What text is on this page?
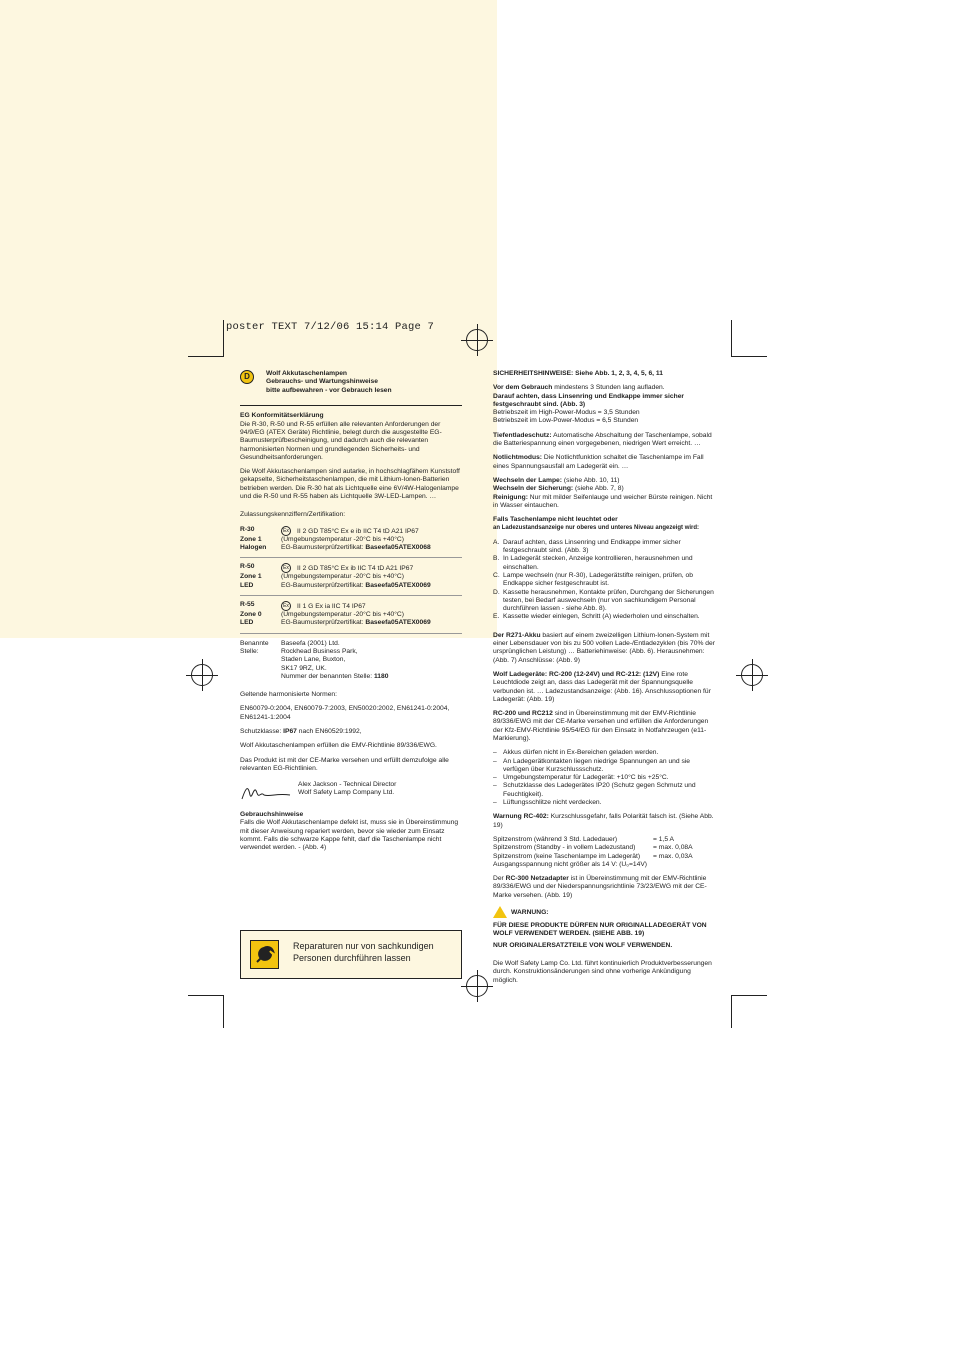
poster TEXT 7/12/06 15:14 Page 7
D	Wolf Akkutaschenlampen
Gebrauchs- und Wartungshinweise
bitte aufbewahren - vor Gebrauch lesen
EG Konformitätserklärung

Die R-30, R-50 und R-55 erfüllen alle relevanten Anforderungen der 94/9/EG (ATEX Geräte) Richtlinie, belegt durch die ausgestellte EG-Baumusterprüfbescheinigung, und dadurch auch die relevanten harmonisierten Normen und grundlegenden Sicherheits- und Gesundheitsanforderungen.

Die Wolf Akkutaschenlampen sind autarke, in hochschlagfähem Kunststoff gekapselte, Sicherheitstaschenlampen, die mit Lithium-Ionen-Batterien betrieben werden. Die R-30 hat als Lichtquelle eine 6V/4W-Halogenlampe und die R-50 und R-55 haben als Lichtquelle 3W-LED-Lampen. …

Zulassungskennziffern/Zertifikation:

R-30	Ex II 2 GD T85°C Ex e ib IIC T4 tD A21 IP67
Zone 1	(Umgebungstemperatur -20°C bis +40°C)
Halogen	EG-Baumusterprüfzertifikat: Baseefa05ATEX0068
R-50	Ex II 2 GD T85°C Ex ib IIC T4 tD A21 IP67
Zone 1	(Umgebungstemperatur -20°C bis +40°C)
LED	EG-Baumusterprüfzertifikat: Baseefa05ATEX0069
R-55	Ex II 1 G Ex ia IIC T4 IP67
Zone 0	(Umgebungstemperatur -20°C bis +40°C)
LED	EG-Baumusterprüfzertifikat: Baseefa05ATEX0069
Benannte
Stelle:
Baseefa (2001) Ltd.
Rockhead Business Park,
Staden Lane, Buxton,
SK17 9RZ, UK.
Nummer der benannten Stelle: 1180

Geltende harmonisierte Normen:

EN60079-0:2004, EN60079-7:2003, EN50020:2002, EN61241-0:2004, EN61241-1:2004

Schutzklasse: IP67 nach EN60529:1992,

Wolf Akkutaschenlampen erfüllen die EMV-Richtlinie 89/336/EWG.

Das Produkt ist mit der CE-Marke versehen und erfüllt demzufolge alle relevanten EG-Richtlinien.

Alex Jackson - Technical Director
Wolf Safety Lamp Company Ltd.
Gebrauchshinweise

Falls die Wolf Akkutaschenlampe defekt ist, muss sie in Übereinstimmung mit dieser Anweisung repariert werden, bevor sie wieder zum Einsatz kommt. Falls die schwarze Kappe fehlt, darf die Taschenlampe nicht verwendet werden. - (Abb. 4)

Reparaturen nur von sachkundigen
Personen durchführen lassen

SICHERHEITSHINWEISE: Siehe Abb. 1, 2, 3, 4, 5, 6, 11

Vor dem Gebrauch mindestens 3 Stunden lang aufladen.
Darauf achten, dass Linsenring und Endkappe immer sicher festgeschraubt sind. (Abb. 3)
Betriebszeit im High-Power-Modus = 3,5 Stunden

Betriebszeit im Low-Power-Modus = 6,5 Stunden

Tiefentladeschutz: Automatische Abschaltung der Taschenlampe, sobald die Batteriespannung einen vorgegebenen, niedrigen Wert erreicht. …

Notlichtmodus: Die Notlichtfunktion schaltet die Taschenlampe im Fall eines Spannungsausfall am Ladegerät ein. …

Wechseln der Lampe: (siehe Abb. 10, 11)
Wechseln der Sicherung: (siehe Abb. 7, 8)

Reinigung: Nur mit milder Seifenlauge und weicher Bürste reinigen. Nicht in Wasser eintauchen.

Falls Taschenlampe nicht leuchtet oder

an Ladezustandsanzeige nur oberes und unteres Niveau angezeigt wird:

A. Darauf achten, dass Linsenring und Endkappe immer sicher festgeschraubt sind. (Abb. 3)
B. In Ladegerät stecken, Anzeige kontrollieren, herausnehmen und einschalten.
C. Lampe wechseln (nur R-30), Ladegerätstifte reinigen, prüfen, ob Endkappe sicher festgeschraubt ist.
D. Kassette herausnehmen, Kontakte prüfen, Durchgang der Sicherungen testen, bei Bedarf auswechseln (nur von sachkundigem Personal durchführen lassen - siehe Abb. 8).
E. Kassette wieder einlegen, Schritt (A) wiederholen und einschalten.

Der R271-Akku basiert auf einem zweizelligen Lithium-Ionen-System mit einer Lebensdauer von bis zu 500 vollen Lade-/Entladezyklen (bis 70% der ursprünglichen Leistung) … Batteriehinweise: (Abb. 6). Herausnehmen: (Abb. 7) Anschlüsse: (Abb. 9)

Wolf Ladegeräte: RC-200 (12-24V) und RC-212: (12V) Eine rote Leuchtdiode zeigt an, dass das Ladegerät mit der Spannungsquelle verbunden ist. … Ladezustandsanzeige: (Abb. 16). Anschlussoptionen für Ladegerät: (Abb. 19)

RC-200 und RC212 sind in Übereinstimmung mit der EMV-Richtlinie 89/336/EWG mit der CE-Marke versehen und erfüllen die Anforderungen der Kfz-EMV-Richtlinie 95/54/EG für den Einsatz in Notfahrzeugen (e11-Markierung).

– Akkus dürfen nicht in Ex-Bereichen geladen werden.
– An Ladegerätkontakten liegen niedrige Spannungen an und sie verfügen über Kurzschlussschutz.
– Umgebungstemperatur für Ladegerät: +10°C bis +25°C.
– Schutzklasse des Ladegerätes IP20 (Schutz gegen Schmutz und Feuchtigkeit).
– Lüftungsschlitze nicht verdecken.

Warnung RC-402: Kurzschlussgefahr, falls Polarität falsch ist. (Siehe Abb. 19)

Spitzenstrom (während 3 Std. Ladedauer)	= 1,5 A
Spitzenstrom (Standby - in vollem Ladezustand)	= max. 0,08A
Spitzenstrom (keine Taschenlampe im Ladegerät)	= max. 0,03A
Ausgangsspannung nicht größer als 14 V: (U₀=14V)

Der RC-300 Netzadapter ist in Übereinstimmung mit der EMV-Richtlinie 89/336/EWG und der Niederspannungsrichtlinie 73/23/EWG mit der CE-Marke versehen. (Abb. 19)

WARNUNG:
FÜR DIESE PRODUKTE DÜRFEN NUR ORIGINALLADEGERÄT VON WOLF VERWENDET WERDEN. (SIEHE ABB. 19)

NUR ORIGINALERSATZTEILE VON WOLF VERWENDEN.

Die Wolf Safety Lamp Co. Ltd. führt kontinuierlich Produktverbesserungen durch. Konstruktionsänderungen sind ohne vorherige Ankündigung möglich.
